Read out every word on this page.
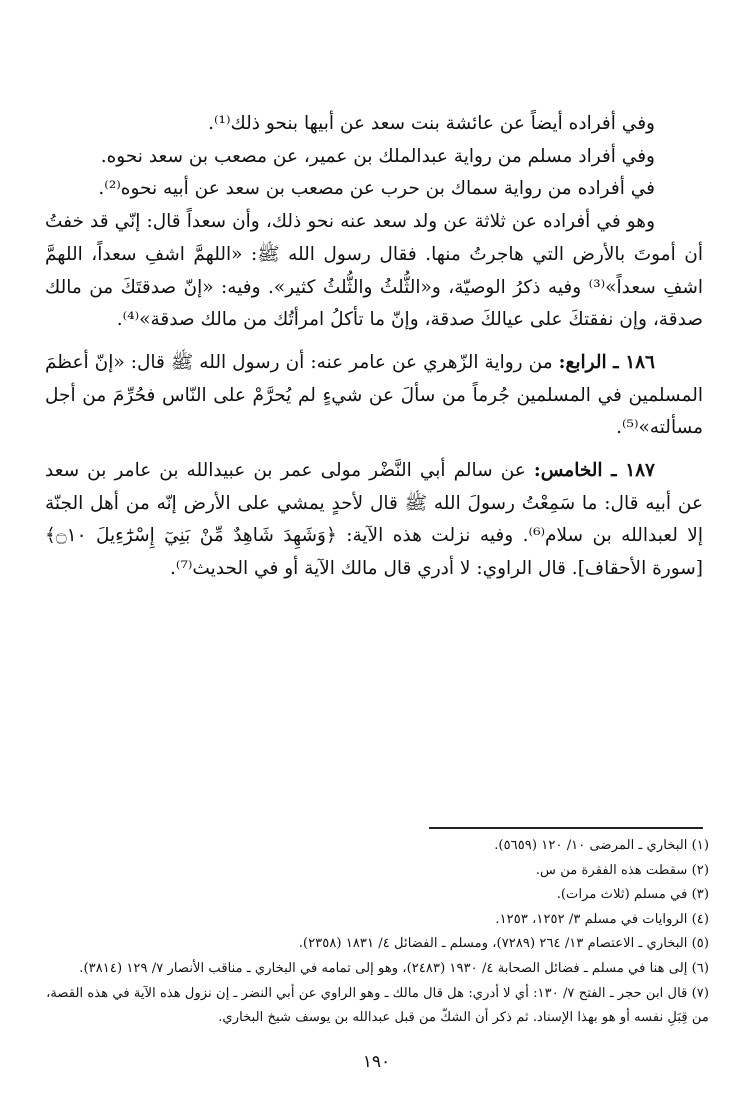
وفي أفراده أيضاً عن عائشة بنت سعد عن أبيها بنحو ذلك⁽¹⁾.

وفي أفراد مسلم من رواية عبدالملك بن عمير، عن مصعب بن سعد نحوه.

في أفراده من رواية سماك بن حرب عن مصعب بن سعد عن أبيه نحوه⁽²⁾.

وهو في أفراده عن ثلاثة عن ولد سعد عنه نحو ذلك، وأن سعداً قال: إنّي قد خفتُ أن أموتَ بالأرض التي هاجرتُ منها. فقال رسول الله ﷺ: «اللهمَّ اشفِ سعداً، اللهمَّ اشفِ سعداً»⁽³⁾ وفيه ذكرُ الوصيّة، و«الثُّلثُ والثُّلثُ كثير». وفيه: «إنّ صدقتَكَ من مالك صدقة، وإن نفقتكَ على عيالكَ صدقة، وإنّ ما تأكلُ امرأتُك من مالك صدقة»⁽⁴⁾.

١٨٦ ـ الرابع: من رواية الزّهري عن عامر عنه: أن رسول الله ﷺ قال: «إنّ أعظمَ المسلمين في المسلمين جُرماً من سألَ عن شيءٍ لم يُحرَّمْ على النّاس فحُرِّمَ من أجل مسألته»⁽⁵⁾.

١٨٧ ـ الخامس: عن سالم أبي النَّضْر مولى عمر بن عبيدالله بن عامر بن سعد عن أبيه قال: ما سَمِعْتُ رسولَ الله ﷺ قال لأحدٍ يمشي على الأرض إنّه من أهل الجنّة إلا لعبدالله بن سلام⁽⁶⁾. وفيه نزلت هذه الآية: ﴿وَشَهِدَ شَاهِدٌ مِّنْ بَنِيٓ إِسْرَٰٓءِيلَ ۝١٠﴾ [سورة الأحقاف]. قال الراوي: لا أدري قال مالك الآية أو في الحديث⁽⁷⁾.

(١) البخاري ـ المرضى ١٠/ ١٢٠ (٥٦٥٩).

(٢) سقطت هذه الفقرة من س.

(٣) في مسلم (ثلاث مرات).

(٤) الروايات في مسلم ٣/ ١٢٥٢، ١٢٥٣.

(٥) البخاري ـ الاعتصام ١٣/ ٢٦٤ (٧٢٨٩)، ومسلم ـ الفضائل ٤/ ١٨٣١ (٢٣٥٨).

(٦) إلى هنا في مسلم ـ فضائل الصحابة ٤/ ١٩٣٠ (٢٤٨٣)، وهو إلى تمامه في البخاري ـ مناقب الأنصار ٧/ ١٢٩ (٣٨١٤).

(٧) قال ابن حجر ـ الفتح ٧/ ١٣٠: أي لا أدري: هل قال مالك ـ وهو الراوي عن أبي النضر ـ إن نزول هذه الآية في هذه القصة، من قِبَلِ نفسه أو هو بهذا الإسناد. ثم ذكر أن الشكّ من قبل عبدالله بن يوسف شيخ البخاري.

١٩٠
